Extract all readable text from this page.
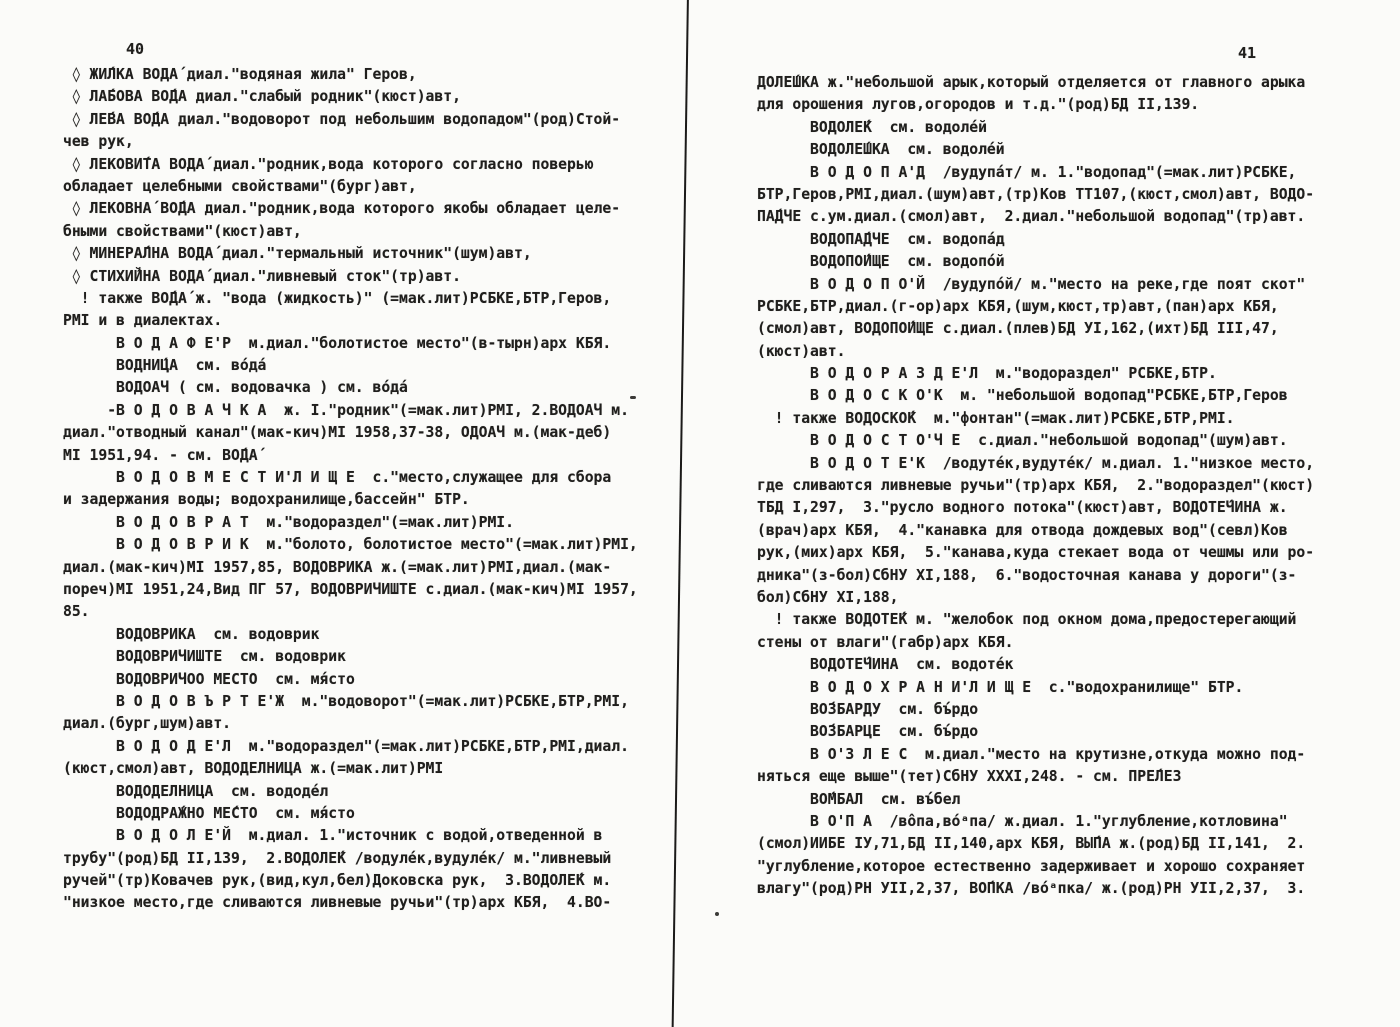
40
◊ ЖИ́ЛКА ВОДА́ диал."водяная жила" Геров,
◊ ЛА́БОВА ВО́ДА диал."слабый родник"(кюст)авт,
◊ ЛЕ́ВА ВО́ДА диал."водоворот под небольшим водопадом"(род)Стой-
чев рук,
◊ ЛЕКОВИ́ТА ВОДА́ диал."родник,вода которого согласно поверью
обладает целебными свойствами"(бург)авт,
◊ ЛЕКОВНА́ ВО́ДА диал."родник,вода которого якобы обладает целе-
бными свойствами"(кюст)авт,
◊ МИНЕРА́ЛНА ВОДА́ диал."термальный источник"(шум)авт,
◊ СТИХИ́ЙНА ВОДА́ диал."ливневый сток"(тр)авт.
! также ВО́ДА́ ж. "вода (жидкость)" (=мак.лит)РСБКЕ,БТР,Геров,
РМI и в диалектах.
В О Д А Ф Е'Р  м.диал."болотистое место"(в-тырн)арх КБЯ.
ВОДНИ́ЦА  см. во́да́
ВОДОАЧ ( см. водовачка ) см. во́да́
-В О Д О В А Ч К А  ж. I."родник"(=мак.лит)РМI, 2.ВОДОАЧ м.
диал."отводный канал"(мак-кич)МI 1958,37-38, ОДОАЧ м.(мак-деб)
МI 1951,94. - см. ВО́ДА́
В О Д О В М Е С Т И'Л И Щ Е  с."место,служащее для сбора
и задержания воды; водохранилище,бассейн" БТР.
В О Д О В Р А Т  м."водораздел"(=мак.лит)РМI.
В О Д О В Р И К  м."болото, болотистое место"(=мак.лит)РМI,
диал.(мак-кич)МI 1957,85, ВОДОВРИКА ж.(=мак.лит)РМI,диал.(мак-
пореч)МI 1951,24,Вид ПГ 57, ВОДОВРИЧИШТЕ с.диал.(мак-кич)МI 1957,
85.
ВОДОВРИКА  см. водоврик
ВОДОВРИЧИШТЕ  см. водоврик
ВОДОВРИЧОО МЕСТО  см. мя́сто
В О Д О В Ъ Р Т Е'Ж  м."водоворот"(=мак.лит)РСБКЕ,БТР,РМI,
диал.(бург,шум)авт.
В О Д О Д Е'Л  м."водораздел"(=мак.лит)РСБКЕ,БТР,РМI,диал.
(кюст,смол)авт, ВОДОДЕЛНИЦА ж.(=мак.лит)РМI
ВОДОДЕЛНИЦА  см. вододе́л
ВОДОДРА́ЖНО МЕ́СТО  см. мя́сто
В О Д О Л Е'Й  м.диал. 1."источник с водой,отведенной в
трубу"(род)БД II,139,  2.ВОДОЛЕ́К /водуле́к,вудуле́к/ м."ливневый
ручей"(тр)Ковачев рук,(вид,кул,бел)Доковска рук,  3.ВОДОЛЕ́К м.
"низкое место,где сливаются ливневые ручьи"(тр)арх КБЯ,  4.ВО-
41
ДОЛЕ́ШКА ж."небольшой арык,который отделяется от главного арыка
для орошения лугов,огородов и т.д."(род)БД II,139.
ВОДОЛЕ́К  см. водоле́й
ВОДОЛЕ́ШКА  см. водоле́й
В О Д О П А'Д  /вудупа́т/ м. 1."водопад"(=мак.лит)РСБКЕ,
БТР,Геров,РМI,диал.(шум)авт,(тр)Ков ТТ107,(кюст,смол)авт, ВОДО-
ПА́ДЧЕ с.ум.диал.(смол)авт,  2.диал."небольшой водопад"(тр)авт.
ВОДОПА́ДЧЕ  см. водопа́д
ВОДОПО́ИЩЕ  см. водопо́й
В О Д О П О'Й  /вудупо́й/ м."место на реке,где поят скот"
РСБКЕ,БТР,диал.(г-ор)арх КБЯ,(шум,кюст,тр)авт,(пан)арх КБЯ,
(смол)авт, ВОДОПО́ИЩЕ с.диал.(плев)БД УI,162,(ихт)БД III,47,
(кюст)авт.
В О Д О Р А З Д Е'Л  м."водораздел" РСБКЕ,БТР.
В О Д О С К О'К  м. "небольшой водопад"РСБКЕ,БТР,Геров
! также ВОДОСКО́К  м."фонтан"(=мак.лит)РСБКЕ,БТР,РМI.
В О Д О С Т О'Ч Е  с.диал."небольшой водопад"(шум)авт.
В О Д О Т Е'К  /водуте́к,вудуте́к/ м.диал. 1."низкое место,
где сливаются ливневые ручьи"(тр)арх КБЯ,  2."водораздел"(кюст)
ТБД I,297,  3."русло водного потока"(кюст)авт, ВОДОТЕ́ЧИНА ж.
(врач)арх КБЯ,  4."канавка для отвода дождевых вод"(севл)Ков
рук,(мих)арх КБЯ,  5."канава,куда стекает вода от чешмы или ро-
дника"(з-бол)СбНУ XI,188,  6."водосточная канава у дороги"(з-
бол)СбНУ XI,188,
! также ВОДОТЕ́К м. "желобок под окном дома,предостерегающий
стены от влаги"(габр)арх КБЯ.
ВОДОТЕ́ЧИНА  см. водоте́к
В О Д О Х Р А Н И'Л И Щ Е  с."водохранилище" БТР.
ВО́ЗБАРДУ  см. бъ́рдо
ВО́ЗБАРЦЕ  см. бъ́рдо
В О'З Л Е С  м.диал."место на крутизне,откуда можно под-
няться еще выше"(тет)СбНУ XXXI,248. - см. ПРЕ́ЛЕЗ
ВО́МБАЛ  см. въ́бел
В О'П А  /во̂па,во́ᵃпа/ ж.диал. 1."углубление,котловина"
(смол)ИИБЕ IУ,71,БД II,140,арх КБЯ, ВЫ́ПА ж.(род)БД II,141,  2.
"углубление,которое естественно задерживает и хорошо сохраняет
влагу"(род)РН УII,2,37, ВО́ПКА /во́ᵃпка/ ж.(род)РН УII,2,37,  3.
